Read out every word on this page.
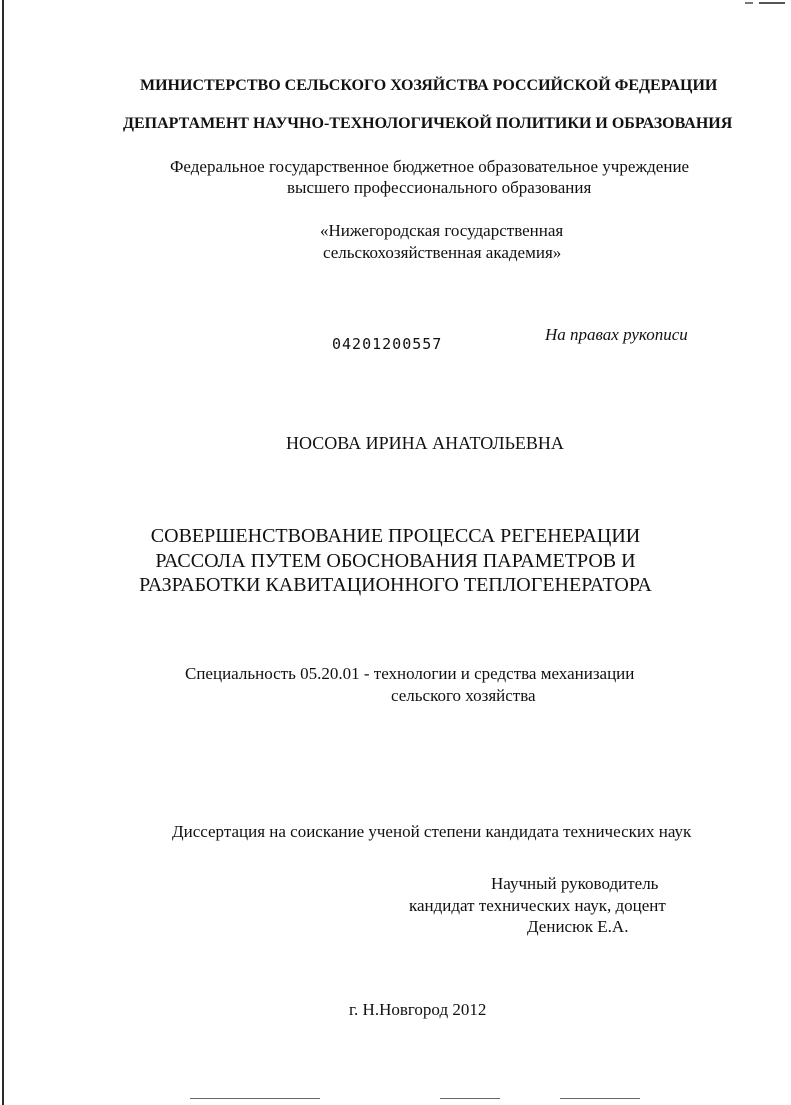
МИНИСТЕРСТВО СЕЛЬСКОГО ХОЗЯЙСТВА РОССИЙСКОЙ ФЕДЕРАЦИИ
ДЕПАРТАМЕНТ НАУЧНО-ТЕХНОЛОГИЧЕКОЙ ПОЛИТИКИ И ОБРАЗОВАНИЯ
Федеральное государственное бюджетное образовательное учреждение
высшего профессионального образования
«Нижегородская государственная
сельскохозяйственная академия»
04201200557	На правах рукописи
НОСОВА ИРИНА АНАТОЛЬЕВНА
СОВЕРШЕНСТВОВАНИЕ ПРОЦЕССА РЕГЕНЕРАЦИИ
РАССОЛА ПУТЕМ ОБОСНОВАНИЯ ПАРАМЕТРОВ И
РАЗРАБОТКИ КАВИТАЦИОННОГО ТЕПЛОГЕНЕРАТОРА
Специальность 05.20.01 - технологии и средства механизации
сельского хозяйства
Диссертация на соискание ученой степени кандидата технических наук
Научный руководитель
кандидат технических наук, доцент
Денисюк Е.А.
г. Н.Новгород 2012
